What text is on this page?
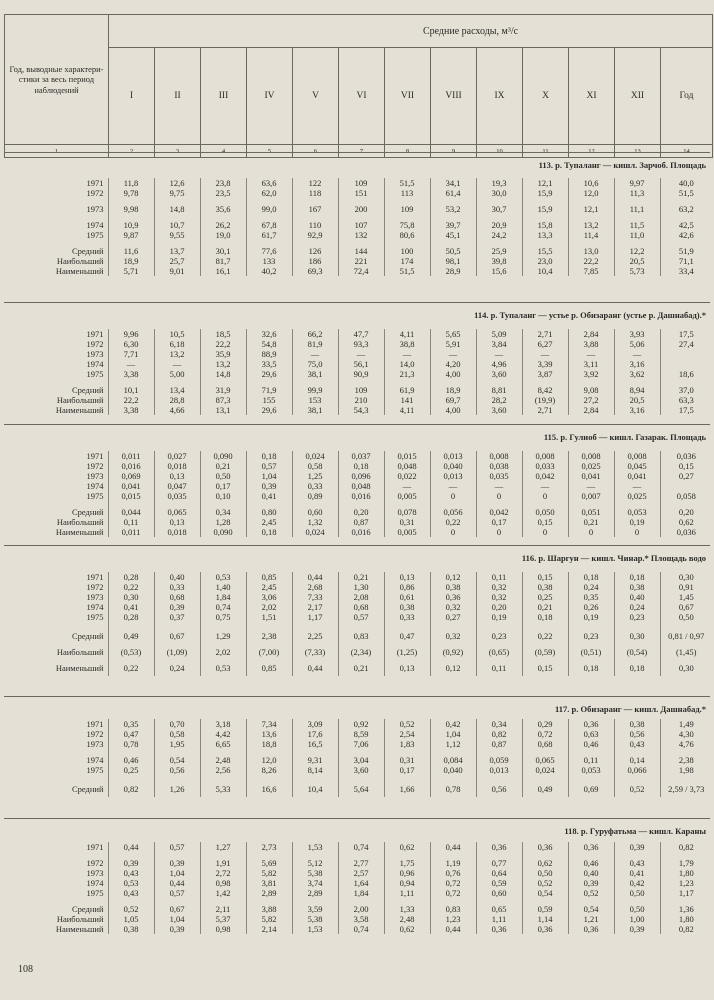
Год, выводные характери-стики за весь период наблюдений	Средние расходы, м³/с												
	I	II	III	IV	V	VI	VII	VIII	IX	X	XI	XII	Год
1	2	3	4	5	6	7	8	9	10	11	12	13	14
113. р. Тупаланг — кишл. Зарчоб. Площадь
1971	11,8	12,6	23,8	63,6	122	109	51,5	34,1	19,3	12,1	10,6	9,97	40,0
1972	9,78	9,75	23,5	62,0	118	151	113	61,4	30,0	15,9	12,0	11,3	51,5

1973	9,98	14,8	35,6	99,0	167	200	109	53,2	30,7	15,9	12,1	11,1	63,2

1974	10,9	10,7	26,2	67,8	110	107	75,8	39,7	20,9	15,8	13,2	11,5	42,5
1975	9,87	9,55	19,0	61,7	92,9	132	80,6	45,1	24,2	13,3	11,4	11,0	42,6

Средний	11,6	13,7	30,1	77,6	126	144	100	50,5	25,9	15,5	13,0	12,2	51,9
Наибольший	18,9	25,7	81,7	133	186	221	174	98,1	39,8	23,0	22,2	20,5	71,1
Наименьший	5,71	9,01	16,1	40,2	69,3	72,4	51,5	28,9	15,6	10,4	7,85	5,73	33,4
114. р. Тупаланг — устье р. Обизаранг (устье р. Дашнабад).*
1971	9,96	10,5	18,5	32,6	66,2	47,7	4,11	5,65	5,09	2,71	2,84	3,93	17,5
1972	6,30	6,18	22,2	54,8	81,9	93,3	38,8	5,91	3,84	6,27	3,88	5,06	27,4
1973	7,71	13,2	35,9	88,9	—	—	—	—	—	—	—	—	
1974	—	—	13,2	33,5	75,0	56,1	14,0	4,20	4,96	3,39	3,11	3,16	
1975	3,38	5,00	14,8	29,6	38,1	90,9	21,3	4,00	3,60	3,87	3,92	3,62	18,6

Средний	10,1	13,4	31,9	71,9	99,9	109	61,9	18,9	8,81	8,42	9,08	8,94	37,0
Наибольший	22,2	28,8	87,3	155	153	210	141	69,7	28,2	(19,9)	27,2	20,5	63,3
Наименьший	3,38	4,66	13,1	29,6	38,1	54,3	4,11	4,00	3,60	2,71	2,84	3,16	17,5
115. р. Гулиоб — кишл. Газарак. Площадь
1971	0,011	0,027	0,090	0,18	0,024	0,037	0,015	0,013	0,008	0,008	0,008	0,008	0,036
1972	0,016	0,018	0,21	0,57	0,58	0,18	0,048	0,040	0,038	0,033	0,025	0,045	0,15
1973	0,069	0,13	0,50	1,04	1,25	0,096	0,022	0,013	0,035	0,042	0,041	0,041	0,27
1974	0,041	0,047	0,17	0,39	0,33	0,048	—	—	—	—	—	—	
1975	0,015	0,035	0,10	0,41	0,89	0,016	0,005	0	0	0	0,007	0,025	0,058

Средний	0,044	0,065	0,34	0,80	0,60	0,20	0,078	0,056	0,042	0,050	0,051	0,053	0,20
Наибольший	0,11	0,13	1,28	2,45	1,32	0,87	0,31	0,22	0,17	0,15	0,21	0,19	0,62
Наименьший	0,011	0,018	0,090	0,18	0,024	0,016	0,005	0	0	0	0	0	0,036
116. р. Шаргун — кишл. Чинар.* Площадь водо
1971	0,28	0,40	0,53	0,85	0,44	0,21	0,13	0,12	0,11	0,15	0,18	0,18	0,30
1972	0,22	0,33	1,40	2,45	2,68	1,30	0,86	0,38	0,32	0,38	0,24	0,38	0,91
1973	0,30	0,68	1,84	3,06	7,33	2,08	0,61	0,36	0,32	0,25	0,35	0,40	1,45
1974	0,41	0,39	0,74	2,02	2,17	0,68	0,38	0,32	0,20	0,21	0,26	0,24	0,67
1975	0,28	0,37	0,75	1,51	1,17	0,57	0,33	0,27	0,19	0,18	0,19	0,23	0,50

Средний	0,49	0,67	1,29	2,38	2,25	0,83	0,47	0,32	0,23	0,22	0,23	0,30	0,81 / 0,97
Наибольший	(0,53)	(1,09)	2,02	(7,00)	(7,33)	(2,34)	(1,25)	(0,92)	(0,65)	(0,59)	(0,51)	(0,54)	(1,45)
Наименьший	0,22	0,24	0,53	0,85	0,44	0,21	0,13	0,12	0,11	0,15	0,18	0,18	0,30
117. р. Обизаранг — кишл. Дашнабад.*
1971	0,35	0,70	3,18	7,34	3,09	0,92	0,52	0,42	0,34	0,29	0,36	0,38	1,49
1972	0,47	0,58	4,42	13,6	17,6	8,59	2,54	1,04	0,82	0,72	0,63	0,56	4,30
1973	0,78	1,95	6,65	18,8	16,5	7,06	1,83	1,12	0,87	0,68	0,46	0,43	4,76

1974	0,46	0,54	2,48	12,0	9,31	3,04	0,31	0,084	0,059	0,065	0,11	0,14	2,38
1975	0,25	0,56	2,56	8,26	8,14	3,60	0,17	0,040	0,013	0,024	0,053	0,066	1,98

Средний	0,82	1,26	5,33	16,6	10,4	5,64	1,66	0,78	0,56	0,49	0,69	0,52	2,59 / 3,73
118. р. Гуруфатьма — кишл. Караны
1971	0,44	0,57	1,27	2,73	1,53	0,74	0,62	0,44	0,36	0,36	0,36	0,39	0,82

1972	0,39	0,39	1,91	5,69	5,12	2,77	1,75	1,19	0,77	0,62	0,46	0,43	1,79
1973	0,43	1,04	2,72	5,82	5,38	2,57	0,96	0,76	0,64	0,50	0,40	0,41	1,80
1974	0,53	0,44	0,98	3,81	3,74	1,64	0,94	0,72	0,59	0,52	0,39	0,42	1,23
1975	0,43	0,57	1,42	2,89	2,89	1,84	1,11	0,72	0,60	0,54	0,52	0,50	1,17

Средний	0,52	0,67	2,11	3,88	3,59	2,00	1,33	0,83	0,65	0,59	0,54	0,50	1,36
Наибольший	1,05	1,04	5,37	5,82	5,38	3,58	2,48	1,23	1,11	1,14	1,21	1,00	1,80
Наименьший	0,38	0,39	0,98	2,14	1,53	0,74	0,62	0,44	0,36	0,36	0,36	0,39	0,82
108
